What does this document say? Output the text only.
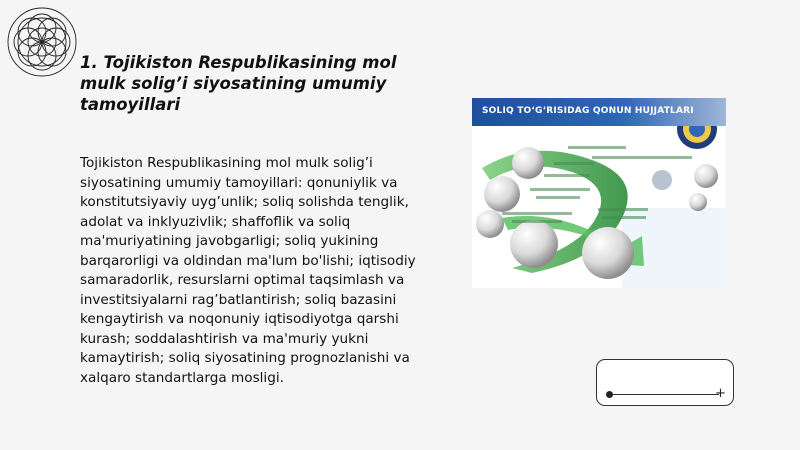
1. Tojikiston Respublikasining mol mulk solig’i siyosatining umumiy tamoyillari
Tojikiston Respublikasining mol mulk solig’i siyosatining umumiy tamoyillari: qonuniylik va konstitutsiyaviy uyg’unlik; soliq solishda tenglik, adolat va inklyuzivlik; shaffoflik va soliq ma'muriyatining javobgarligi; soliq yukining barqarorligi va oldindan ma'lum bo'lishi; iqtisodiy samaradorlik, resurslarni optimal taqsimlash va investitsiyalarni rag’batlantirish; soliq bazasini kengaytirish va noqonuniy iqtisodiyotga qarshi kurash; soddalashtirish va ma'muriy yukni kamaytirish; soliq siyosatining prognozlanishi va xalqaro standartlarga mosligi.
SOLIQ TO‘G‘RISIDAG QONUN HUJJATLARI
+
